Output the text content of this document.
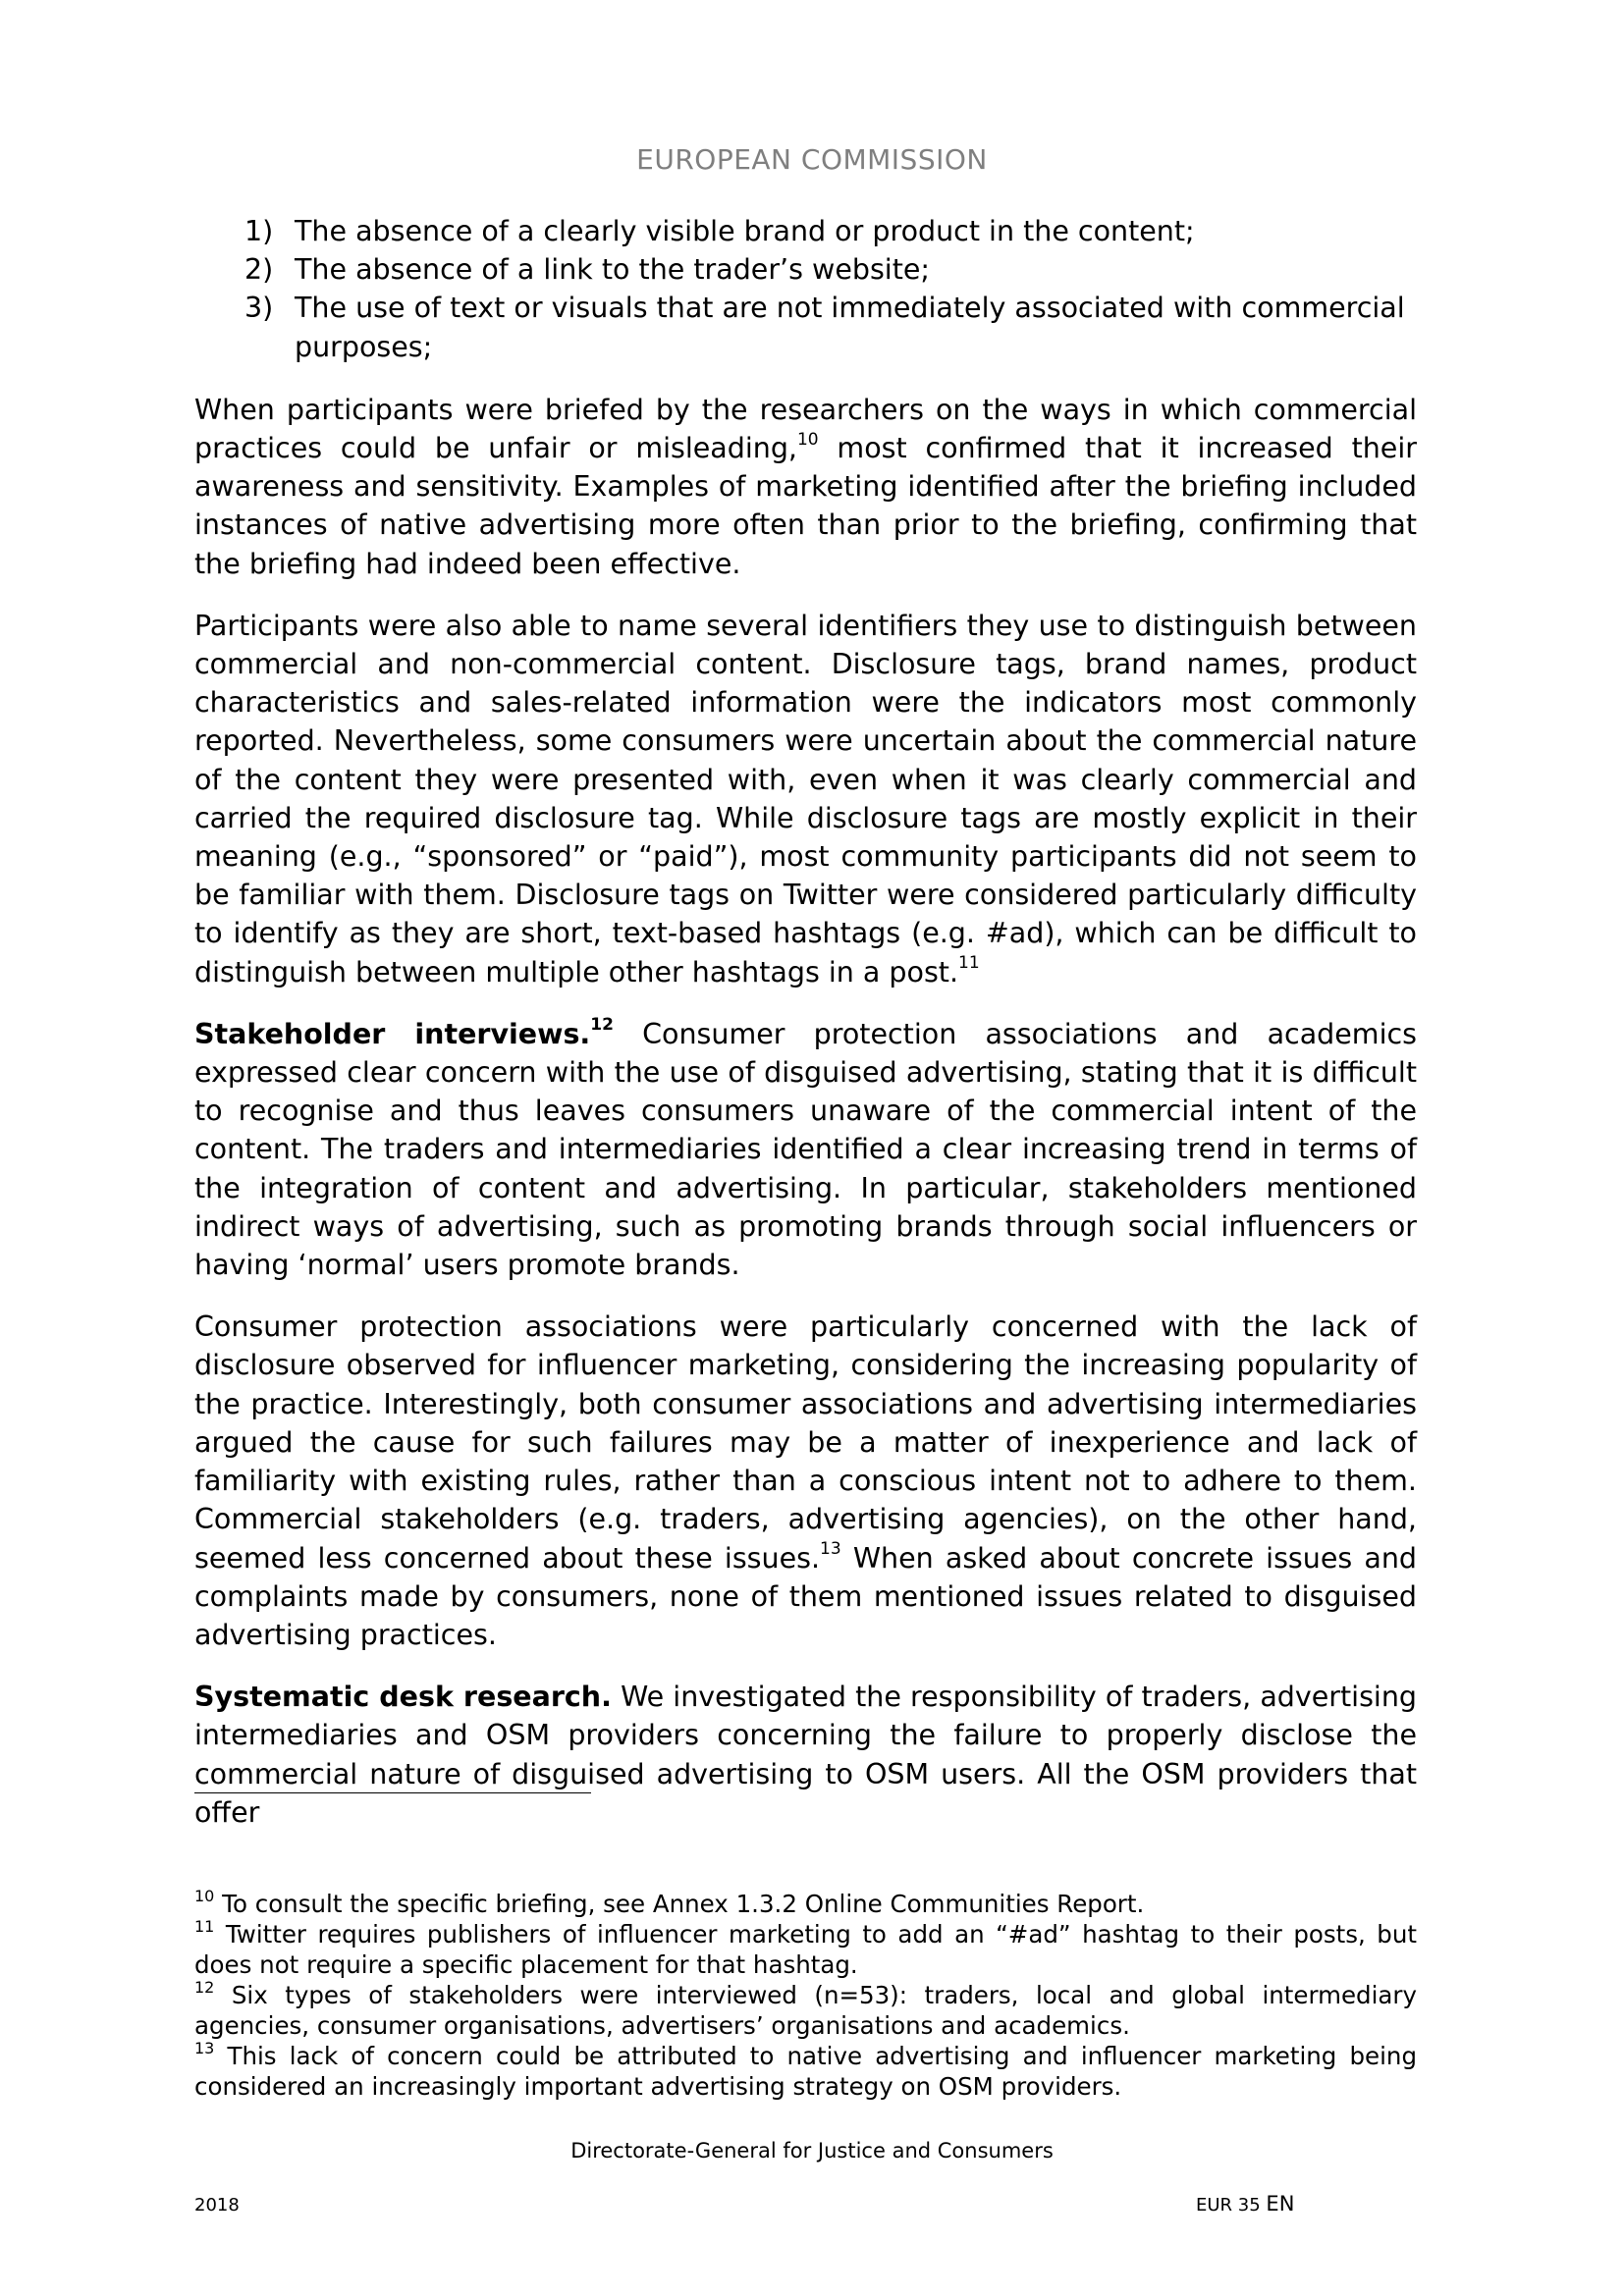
EUROPEAN COMMISSION
1) The absence of a clearly visible brand or product in the content;
2) The absence of a link to the trader’s website;
3) The use of text or visuals that are not immediately associated with commercial purposes;

When participants were briefed by the researchers on the ways in which commercial practices could be unfair or misleading,$^{10}$ most confirmed that it increased their awareness and sensitivity. Examples of marketing identified after the briefing included instances of native advertising more often than prior to the briefing, confirming that the briefing had indeed been effective.

Participants were also able to name several identifiers they use to distinguish between commercial and non-commercial content. Disclosure tags, brand names, product characteristics and sales-related information were the indicators most commonly reported. Nevertheless, some consumers were uncertain about the commercial nature of the content they were presented with, even when it was clearly commercial and carried the required disclosure tag. While disclosure tags are mostly explicit in their meaning (e.g., “sponsored” or “paid”), most community participants did not seem to be familiar with them. Disclosure tags on Twitter were considered particularly difficulty to identify as they are short, text-based hashtags (e.g. #ad), which can be difficult to distinguish between multiple other hashtags in a post.$^{11}$

Stakeholder interviews.$^{12}$ Consumer protection associations and academics expressed clear concern with the use of disguised advertising, stating that it is difficult to recognise and thus leaves consumers unaware of the commercial intent of the content. The traders and intermediaries identified a clear increasing trend in terms of the integration of content and advertising. In particular, stakeholders mentioned indirect ways of advertising, such as promoting brands through social influencers or having ‘normal’ users promote brands.

Consumer protection associations were particularly concerned with the lack of disclosure observed for influencer marketing, considering the increasing popularity of the practice. Interestingly, both consumer associations and advertising intermediaries argued the cause for such failures may be a matter of inexperience and lack of familiarity with existing rules, rather than a conscious intent not to adhere to them. Commercial stakeholders (e.g. traders, advertising agencies), on the other hand, seemed less concerned about these issues.$^{13}$ When asked about concrete issues and complaints made by consumers, none of them mentioned issues related to disguised advertising practices.

Systematic desk research. We investigated the responsibility of traders, advertising intermediaries and OSM providers concerning the failure to properly disclose the commercial nature of disguised advertising to OSM users. All the OSM providers that offer

$^{10}$ To consult the specific briefing, see Annex 1.3.2 Online Communities Report.

$^{11}$ Twitter requires publishers of influencer marketing to add an “#ad” hashtag to their posts, but does not require a specific placement for that hashtag.

$^{12}$ Six types of stakeholders were interviewed (n=53): traders, local and global intermediary agencies, consumer organisations, advertisers’ organisations and academics.

$^{13}$ This lack of concern could be attributed to native advertising and influencer marketing being considered an increasingly important advertising strategy on OSM providers.

Directorate-General for Justice and Consumers
2018	EUR 35 EN
